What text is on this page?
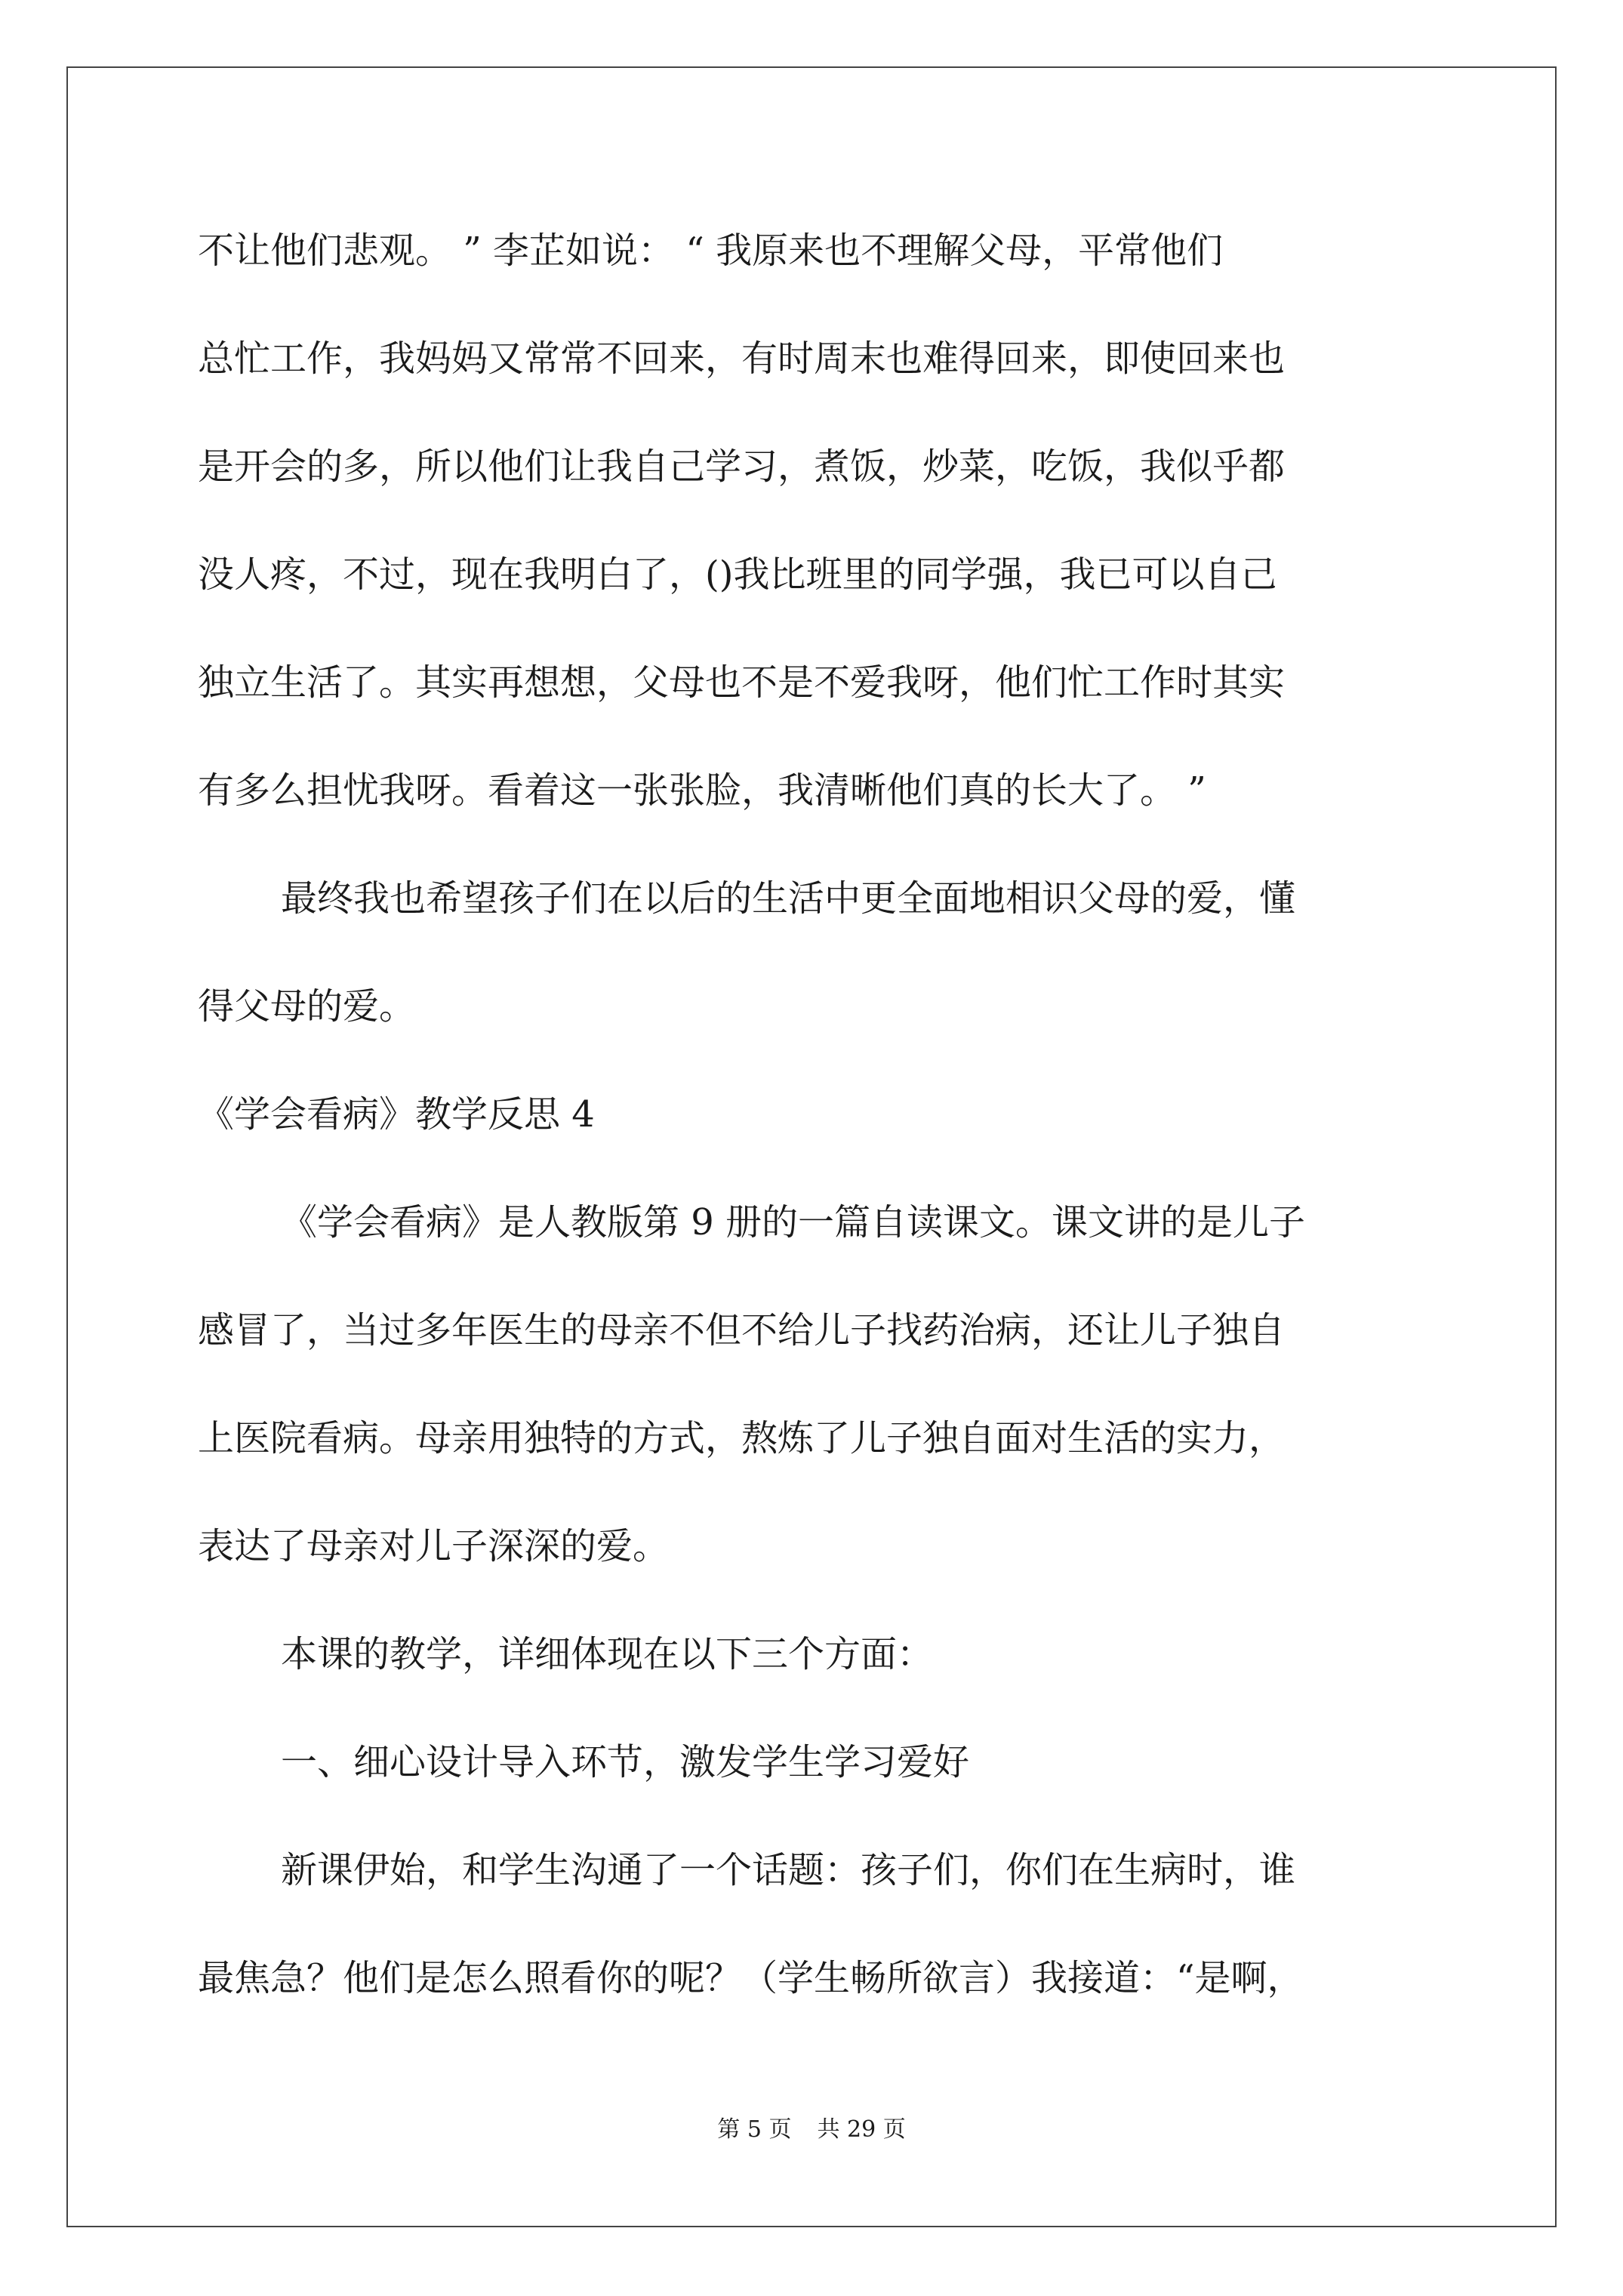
不让他们悲观。 ” 李芷如说： “ 我原来也不理解父母，平常他们
总忙工作，我妈妈又常常不回来，有时周末也难得回来，即使回来也
是开会的多，所以他们让我自己学习，煮饭，炒菜，吃饭，我似乎都
没人疼，不过，现在我明白了，()我比班里的同学强，我已可以自己
独立生活了。其实再想想，父母也不是不爱我呀，他们忙工作时其实
有多么担忧我呀。看着这一张张脸，我清晰他们真的长大了。 ”
最终我也希望孩子们在以后的生活中更全面地相识父母的爱，懂
得父母的爱。
《学会看病》教学反思 4
《学会看病》是人教版第 9 册的一篇自读课文。课文讲的是儿子
感冒了，当过多年医生的母亲不但不给儿子找药治病，还让儿子独自
上医院看病。母亲用独特的方式，熬炼了儿子独自面对生活的实力，
表达了母亲对儿子深深的爱。
本课的教学，详细体现在以下三个方面：
一、细心设计导入环节，激发学生学习爱好
新课伊始，和学生沟通了一个话题：孩子们，你们在生病时，谁
最焦急？他们是怎么照看你的呢？（学生畅所欲言）我接道：“是啊，
第 5 页 共 29 页
